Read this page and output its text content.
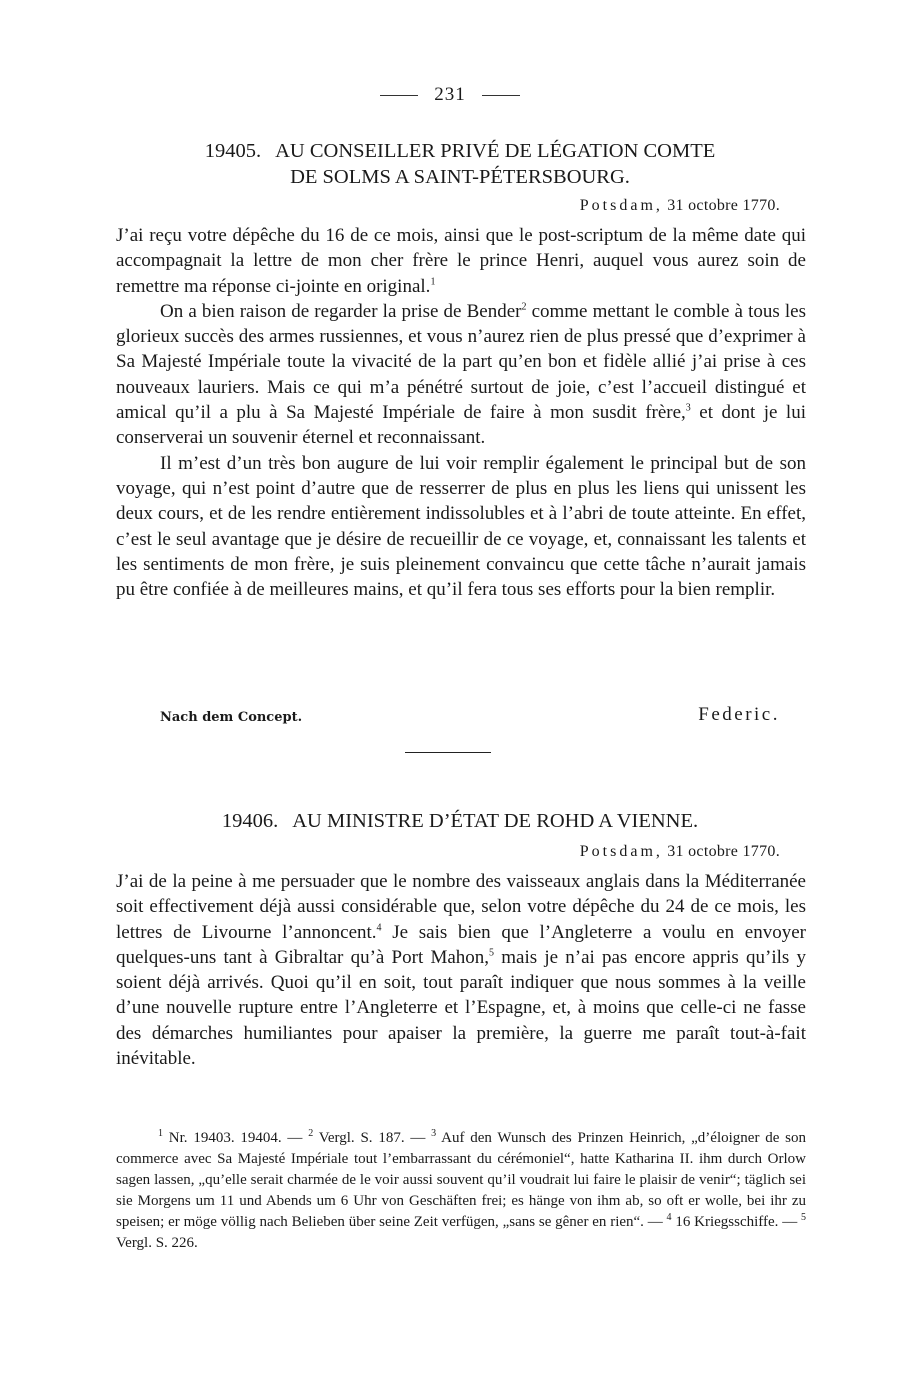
231
19405. AU CONSEILLER PRIVÉ DE LÉGATION COMTE
DE SOLMS A SAINT-PÉTERSBOURG.
Potsdam, 31 octobre 1770.

J’ai reçu votre dépêche du 16 de ce mois, ainsi que le post-scriptum de la même date qui accompagnait la lettre de mon cher frère le prince Henri, auquel vous aurez soin de remettre ma réponse ci-jointe en original.$^1$

On a bien raison de regarder la prise de Bender$^2$ comme mettant le comble à tous les glorieux succès des armes russiennes, et vous n’aurez rien de plus pressé que d’exprimer à Sa Majesté Impériale toute la vivacité de la part qu’en bon et fidèle allié j’ai prise à ces nouveaux lauriers. Mais ce qui m’a pénétré surtout de joie, c’est l’accueil distingué et amical qu’il a plu à Sa Majesté Impériale de faire à mon susdit frère,$^3$ et dont je lui conserverai un souvenir éternel et reconnaissant.

Il m’est d’un très bon augure de lui voir remplir également le principal but de son voyage, qui n’est point d’autre que de resserrer de plus en plus les liens qui unissent les deux cours, et de les rendre entièrement indissolubles et à l’abri de toute atteinte. En effet, c’est le seul avantage que je désire de recueillir de ce voyage, et, connaissant les talents et les sentiments de mon frère, je suis pleinement convaincu que cette tâche n’aurait jamais pu être confiée à de meilleures mains, et qu’il fera tous ses efforts pour la bien remplir.

Nach dem Concept.	Federic.
19406. AU MINISTRE D’ÉTAT DE ROHD A VIENNE.
Potsdam, 31 octobre 1770.

J’ai de la peine à me persuader que le nombre des vaisseaux anglais dans la Méditerranée soit effectivement déjà aussi considérable que, selon votre dépêche du 24 de ce mois, les lettres de Livourne l’annoncent.$^4$ Je sais bien que l’Angleterre a voulu en envoyer quelques-uns tant à Gibraltar qu’à Port Mahon,$^5$ mais je n’ai pas encore appris qu’ils y soient déjà arrivés. Quoi qu’il en soit, tout paraît indiquer que nous sommes à la veille d’une nouvelle rupture entre l’Angleterre et l’Espagne, et, à moins que celle-ci ne fasse des démarches humiliantes pour apaiser la première, la guerre me paraît tout-à-fait inévitable.

$^1$ Nr. 19403. 19404. — $^2$ Vergl. S. 187. — $^3$ Auf den Wunsch des Prinzen Heinrich, „d’éloigner de son commerce avec Sa Majesté Impériale tout l’embarrassant du cérémoniel“, hatte Katharina II. ihm durch Orlow sagen lassen, „qu’elle serait charmée de le voir aussi souvent qu’il voudrait lui faire le plaisir de venir“; täglich sei sie Morgens um 11 und Abends um 6 Uhr von Geschäften frei; es hänge von ihm ab, so oft er wolle, bei ihr zu speisen; er möge völlig nach Belieben über seine Zeit verfügen, „sans se gêner en rien“. — $^4$ 16 Kriegsschiffe. — $^5$ Vergl. S. 226.
